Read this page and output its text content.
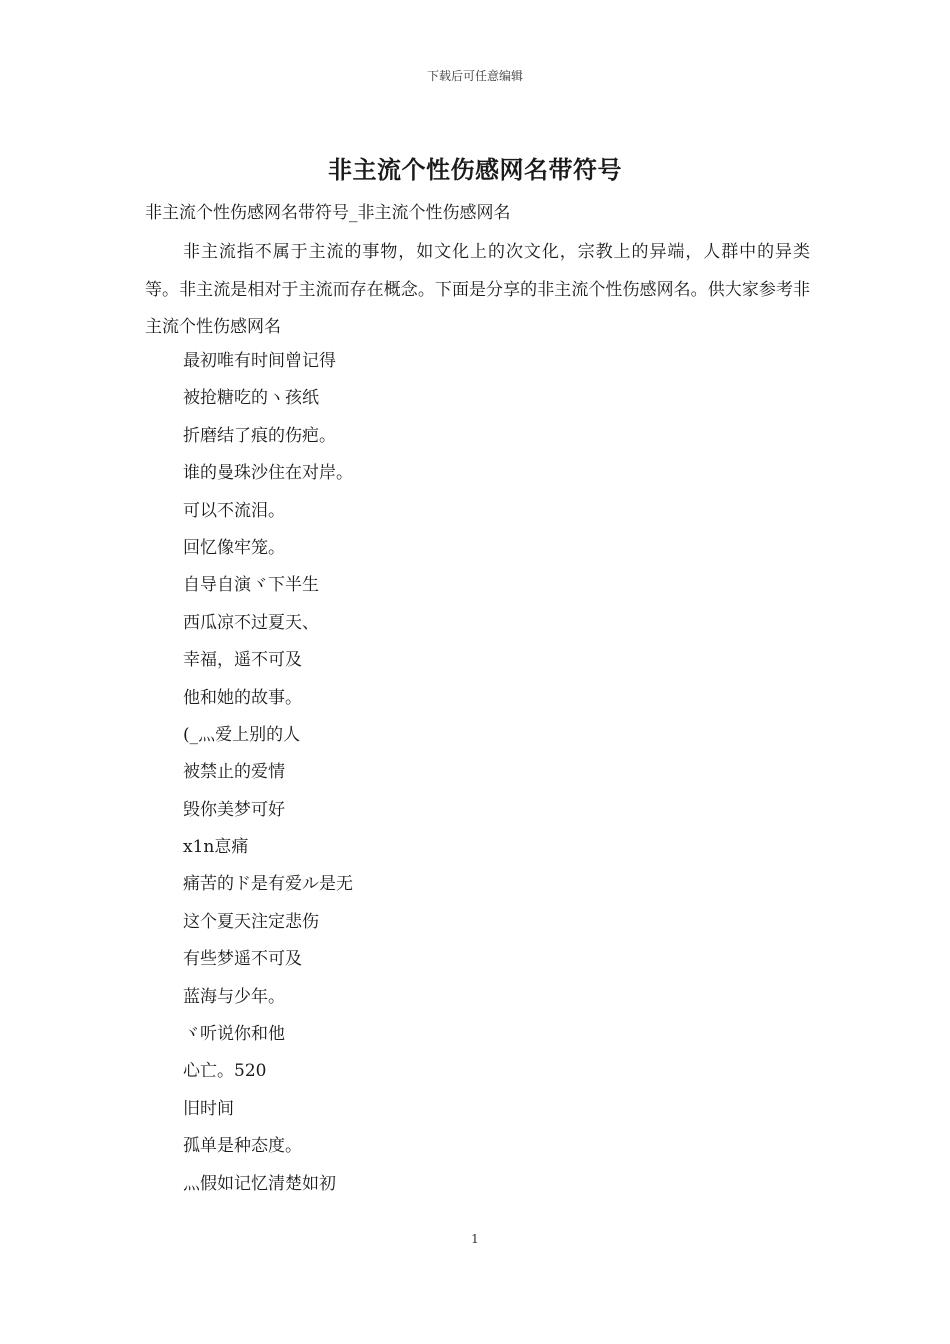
下载后可任意编辑
非主流个性伤感网名带符号
非主流个性伤感网名带符号_非主流个性伤感网名

非主流指不属于主流的事物，如文化上的次文化，宗教上的异端，人群中的异类等。非主流是相对于主流而存在概念。下面是分享的非主流个性伤感网名。供大家参考非主流个性伤感网名

最初唯有时间曾记得
被抢糖吃的ヽ孩纸
折磨结了痕的伤疤。
谁的曼珠沙住在对岸。
可以不流泪。
回忆像牢笼。
自导自演ヾ下半生
西瓜凉不过夏天、
幸福，遥不可及
他和她的故事。
(_灬爱上别的人
被禁止的爱情
毁你美梦可好
x1n恴痛
痛苦的ド是有爱ル是无
这个夏天注定悲伤
有些梦遥不可及
蓝海与少年。
ヾ听说你和他
心亡。520
旧时间
孤单是种态度。
灬假如记忆清楚如初
1
